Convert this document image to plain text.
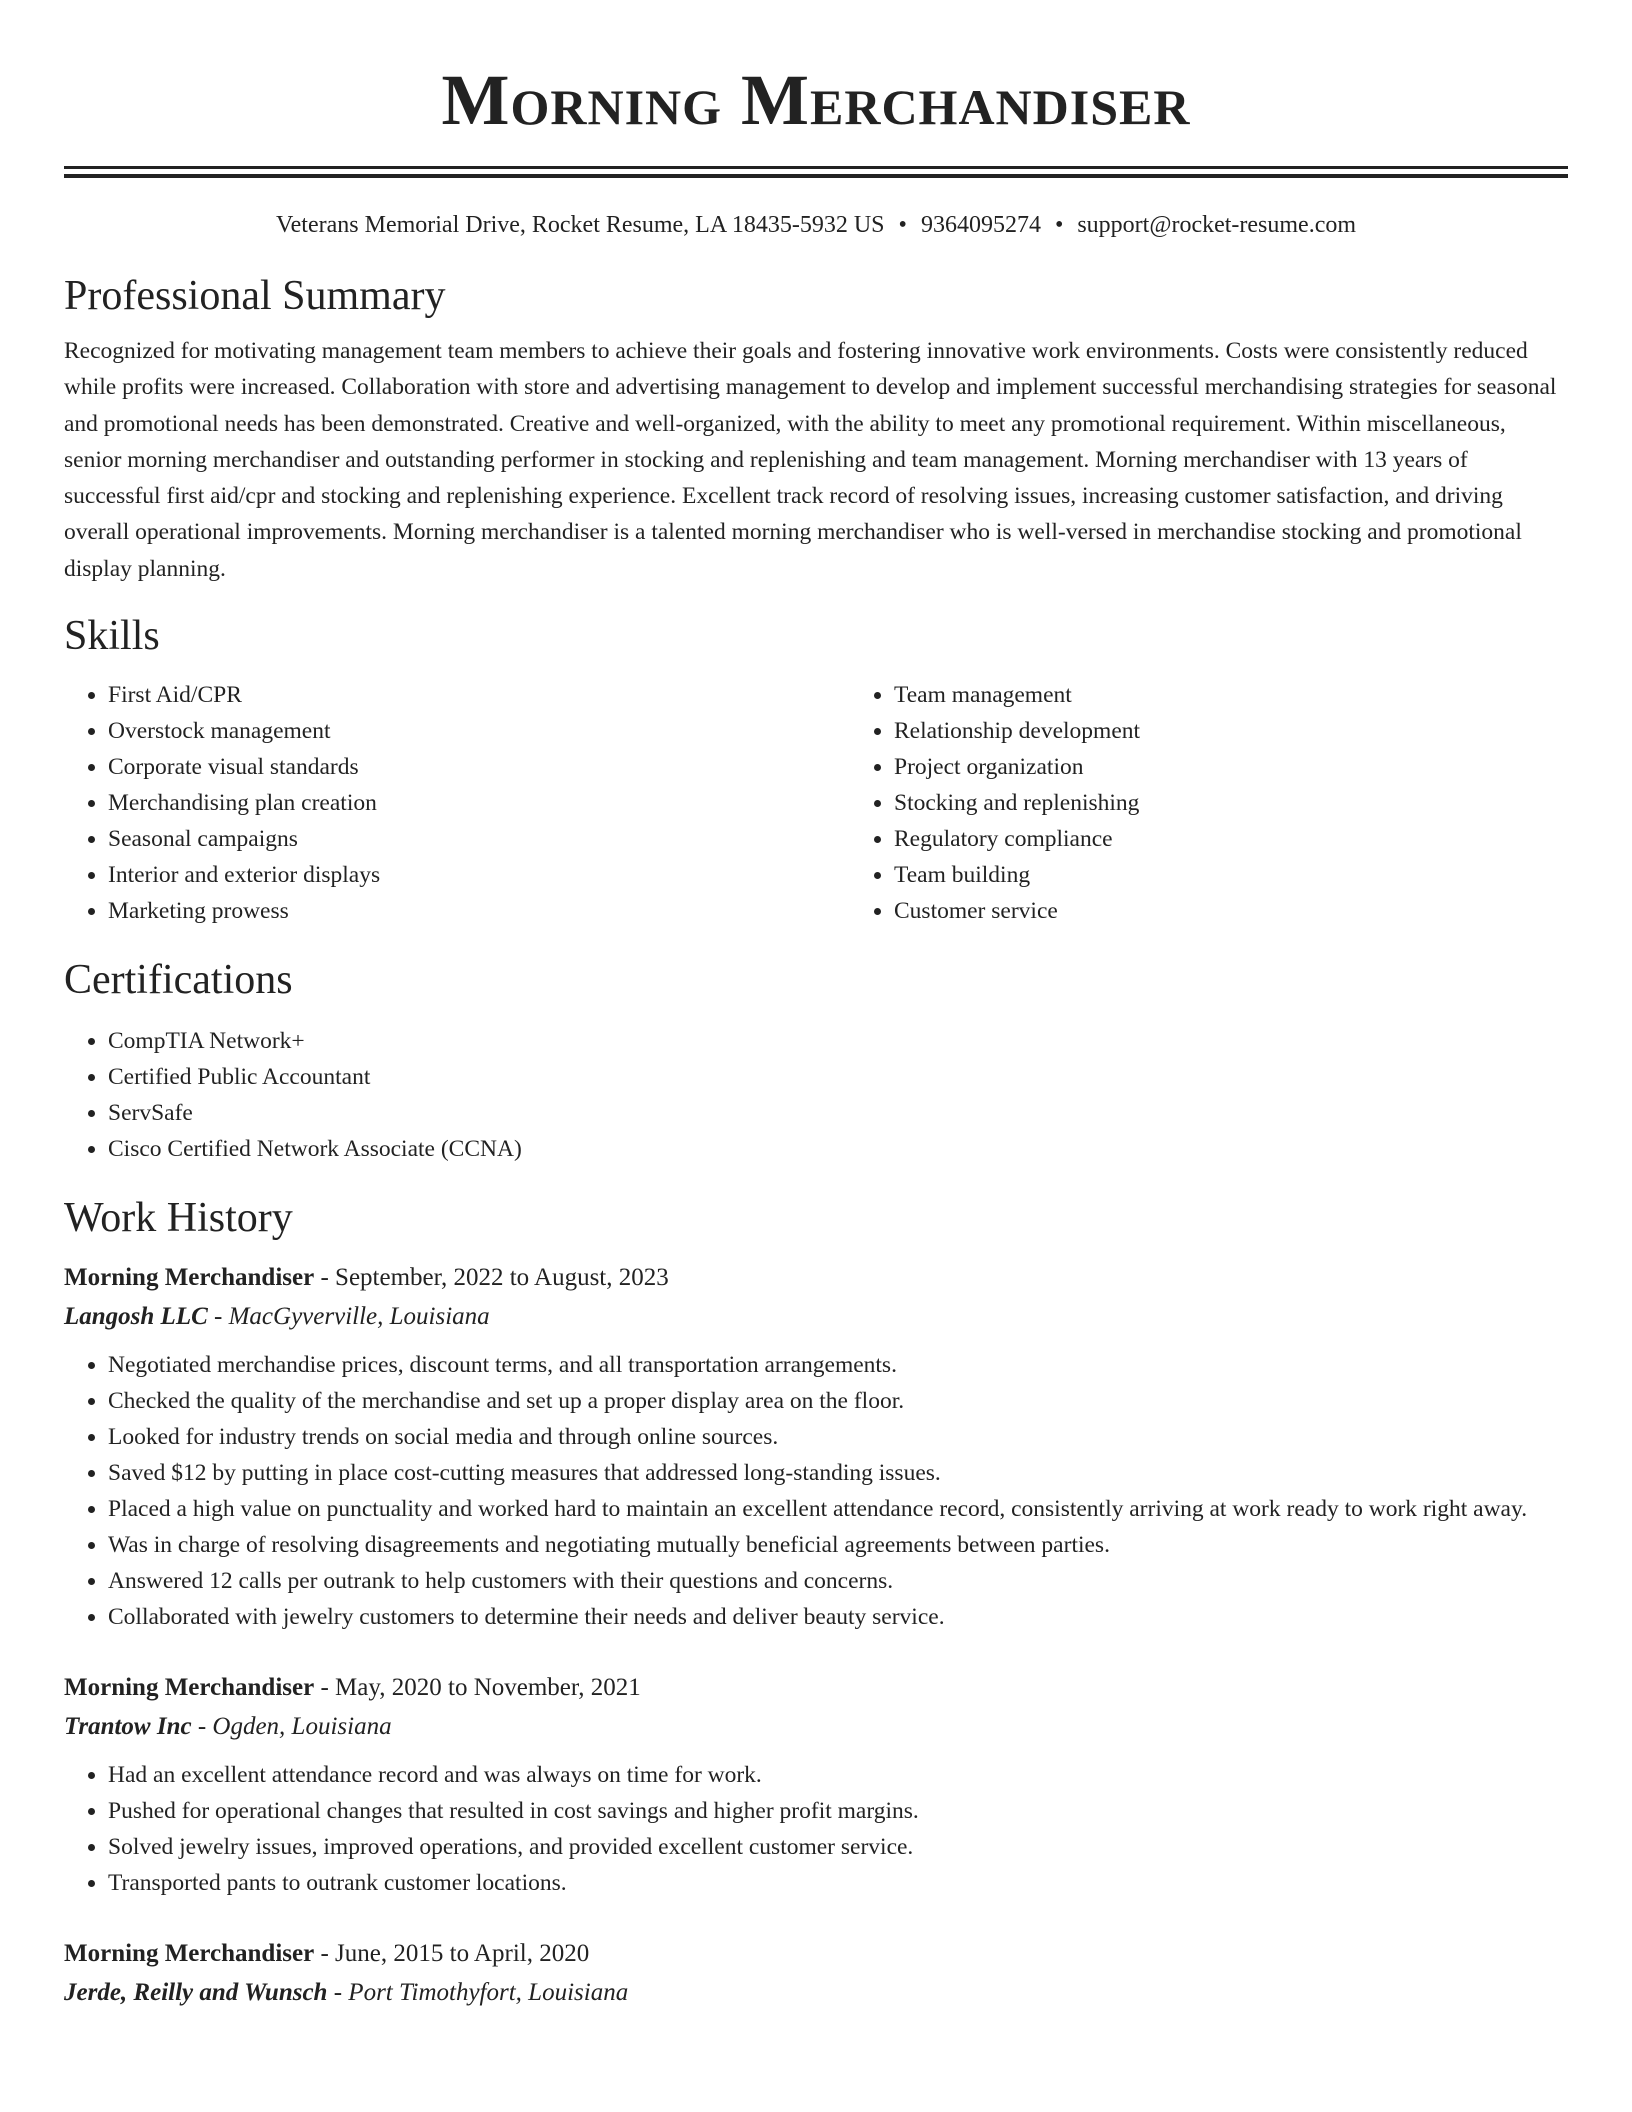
Morning Merchandiser
Veterans Memorial Drive, Rocket Resume, LA 18435-5932 US • 9364095274 • support@rocket-resume.com
Professional Summary

Recognized for motivating management team members to achieve their goals and fostering innovative work environments. Costs were consistently reduced while profits were increased. Collaboration with store and advertising management to develop and implement successful merchandising strategies for seasonal and promotional needs has been demonstrated. Creative and well-organized, with the ability to meet any promotional requirement. Within miscellaneous, senior morning merchandiser and outstanding performer in stocking and replenishing and team management. Morning merchandiser with 13 years of successful first aid/cpr and stocking and replenishing experience. Excellent track record of resolving issues, increasing customer satisfaction, and driving overall operational improvements. Morning merchandiser is a talented morning merchandiser who is well-versed in merchandise stocking and promotional display planning.

Skills
• First Aid/CPR
• Overstock management
• Corporate visual standards
• Merchandising plan creation
• Seasonal campaigns
• Interior and exterior displays
• Marketing prowess
• Team management
• Relationship development
• Project organization
• Stocking and replenishing
• Regulatory compliance
• Team building
• Customer service
Certifications
• CompTIA Network+
• Certified Public Accountant
• ServSafe
• Cisco Certified Network Associate (CCNA)
Work History
Morning Merchandiser - September, 2022 to August, 2023
Langosh LLC - MacGyverville, Louisiana
• Negotiated merchandise prices, discount terms, and all transportation arrangements.
• Checked the quality of the merchandise and set up a proper display area on the floor.
• Looked for industry trends on social media and through online sources.
• Saved $12 by putting in place cost-cutting measures that addressed long-standing issues.
• Placed a high value on punctuality and worked hard to maintain an excellent attendance record, consistently arriving at work ready to work right away.
• Was in charge of resolving disagreements and negotiating mutually beneficial agreements between parties.
• Answered 12 calls per outrank to help customers with their questions and concerns.
• Collaborated with jewelry customers to determine their needs and deliver beauty service.
Morning Merchandiser - May, 2020 to November, 2021
Trantow Inc - Ogden, Louisiana
• Had an excellent attendance record and was always on time for work.
• Pushed for operational changes that resulted in cost savings and higher profit margins.
• Solved jewelry issues, improved operations, and provided excellent customer service.
• Transported pants to outrank customer locations.
Morning Merchandiser - June, 2015 to April, 2020
Jerde, Reilly and Wunsch - Port Timothyfort, Louisiana
